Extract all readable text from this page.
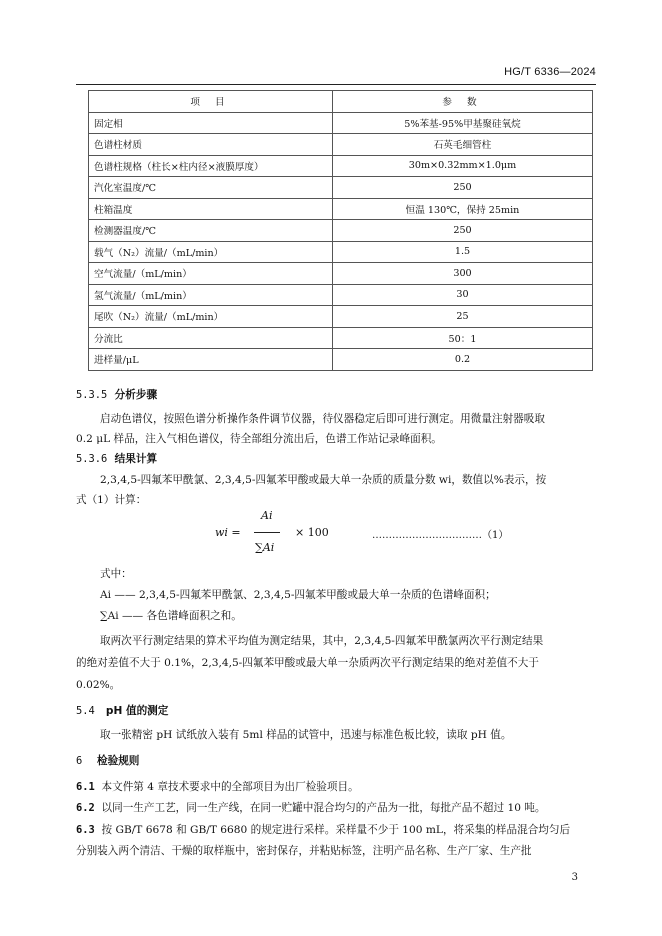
HG/T 6336—2024
项 目	参 数
固定相	5%苯基-95%甲基聚硅氧烷
色谱柱材质	石英毛细管柱
色谱柱规格（柱长×柱内径×液膜厚度）	30m×0.32mm×1.0μm
汽化室温度/℃	250
柱箱温度	恒温 130℃，保持 25min
检测器温度/℃	250
载气（N₂）流量/（mL/min）	1.5
空气流量/（mL/min）	300
氢气流量/（mL/min）	30
尾吹（N₂）流量/（mL/min）	25
分流比	50：1
进样量/μL	0.2
5.3.5 分析步骤
启动色谱仪，按照色谱分析操作条件调节仪器，待仪器稳定后即可进行测定。用微量注射器吸取
0.2 μL 样品，注入气相色谱仪，待全部组分流出后，色谱工作站记录峰面积。
5.3.6 结果计算
2,3,4,5-四氟苯甲酰氯、2,3,4,5-四氟苯甲酸或最大单一杂质的质量分数 wi，数值以%表示，按
式（1）计算：
wi =
Ai
∑Ai
× 100	……………………………（1）
式中：
Ai —— 2,3,4,5-四氟苯甲酰氯、2,3,4,5-四氟苯甲酸或最大单一杂质的色谱峰面积；
∑Ai —— 各色谱峰面积之和。
取两次平行测定结果的算术平均值为测定结果，其中，2,3,4,5-四氟苯甲酰氯两次平行测定结果
的绝对差值不大于 0.1%，2,3,4,5-四氟苯甲酸或最大单一杂质两次平行测定结果的绝对差值不大于
0.02%。
5.4 pH 值的测定
取一张精密 pH 试纸放入装有 5ml 样品的试管中，迅速与标准色板比较，读取 pH 值。
6 检验规则
6.1 本文件第 4 章技术要求中的全部项目为出厂检验项目。
6.2 以同一生产工艺，同一生产线，在同一贮罐中混合均匀的产品为一批，每批产品不超过 10 吨。
6.3 按 GB/T 6678 和 GB/T 6680 的规定进行采样。采样量不少于 100 mL，将采集的样品混合均匀后
分别装入两个清洁、干燥的取样瓶中，密封保存，并粘贴标签，注明产品名称、生产厂家、生产批
3
